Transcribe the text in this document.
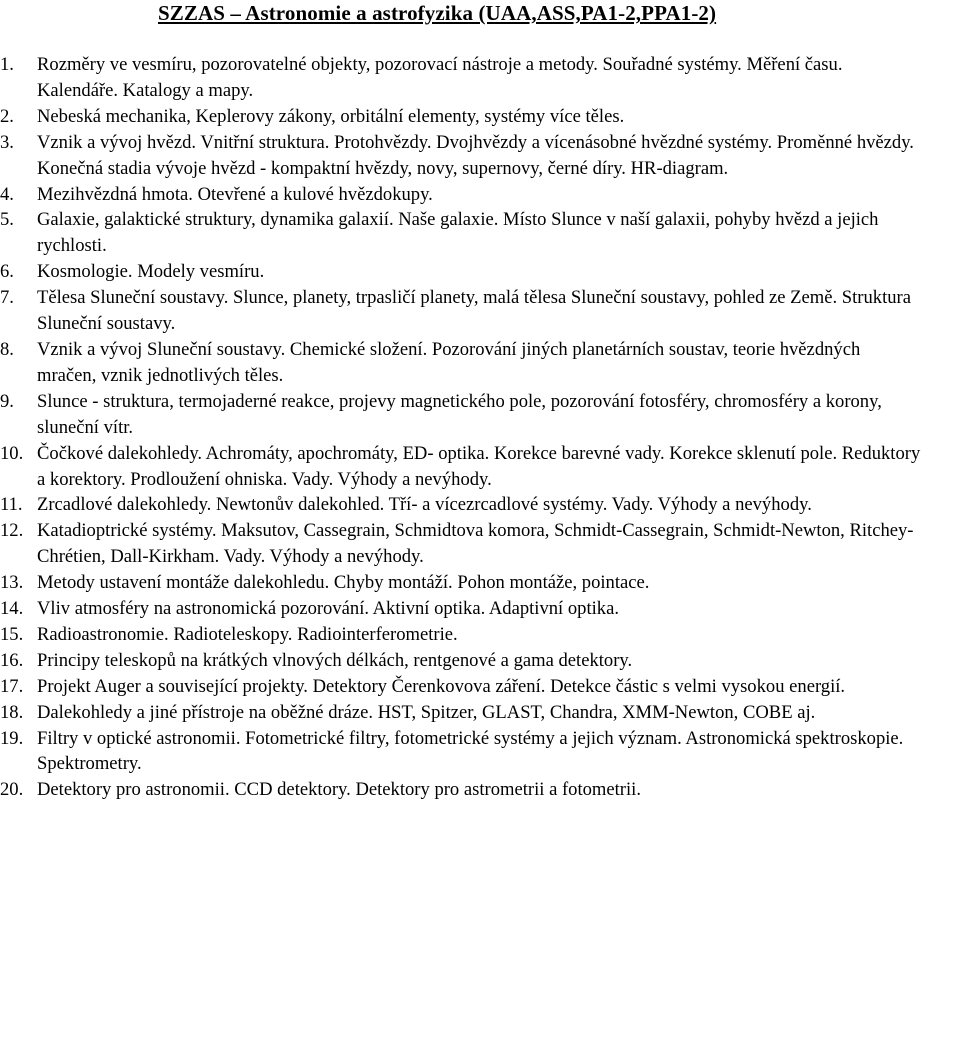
SZZAS – Astronomie a astrofyzika (UAA,ASS,PA1-2,PPA1-2)
1.	Rozměry ve vesmíru, pozorovatelné objekty, pozorovací nástroje a metody. Souřadné systémy. Měření času. Kalendáře. Katalogy a mapy.
2.	Nebeská mechanika, Keplerovy zákony, orbitální elementy, systémy více těles.
3.	Vznik a vývoj hvězd. Vnitřní struktura. Protohvězdy. Dvojhvězdy a vícenásobné hvězdné systémy. Proměnné hvězdy. Konečná stadia vývoje hvězd - kompaktní hvězdy, novy, supernovy, černé díry. HR-diagram.
4.	Mezihvězdná hmota. Otevřené a kulové hvězdokupy.
5.	Galaxie, galaktické struktury, dynamika galaxií. Naše galaxie. Místo Slunce v naší galaxii, pohyby hvězd a jejich rychlosti.
6.	Kosmologie. Modely vesmíru.
7.	Tělesa Sluneční soustavy. Slunce, planety, trpasličí planety, malá tělesa Sluneční soustavy, pohled ze Země. Struktura Sluneční soustavy.
8.	Vznik a vývoj Sluneční soustavy. Chemické složení. Pozorování jiných planetárních soustav, teorie hvězdných mračen, vznik jednotlivých těles.
9.	Slunce - struktura, termojaderné reakce, projevy magnetického pole, pozorování fotosféry, chromosféry a korony, sluneční vítr.
10. Čočkové dalekohledy. Achromáty, apochromáty, ED- optika. Korekce barevné vady. Korekce sklenutí pole. Reduktory a korektory. Prodloužení ohniska. Vady. Výhody a nevýhody.
11. Zrcadlové dalekohledy. Newtonův dalekohled. Tří- a vícezrcadlové systémy. Vady. Výhody a nevýhody.
12. Katadioptrické systémy. Maksutov, Cassegrain, Schmidtova komora, Schmidt-Cassegrain, Schmidt-Newton, Ritchey-Chrétien, Dall-Kirkham. Vady. Výhody a nevýhody.
13. Metody ustavení montáže dalekohledu. Chyby montáží. Pohon montáže, pointace.
14. Vliv atmosféry na astronomická pozorování. Aktivní optika. Adaptivní optika.
15. Radioastronomie. Radioteleskopy. Radiointerferometrie.
16. Principy teleskopů na krátkých vlnových délkách, rentgenové a gama detektory.
17. Projekt Auger a související projekty. Detektory Čerenkovova záření. Detekce částic s velmi vysokou energií.
18. Dalekohledy a jiné přístroje na oběžné dráze. HST, Spitzer, GLAST, Chandra, XMM-Newton, COBE aj.
19. Filtry v optické astronomii. Fotometrické filtry, fotometrické systémy a jejich význam. Astronomická spektroskopie. Spektrometry.
20. Detektory pro astronomii. CCD detektory. Detektory pro astrometrii a fotometrii.
